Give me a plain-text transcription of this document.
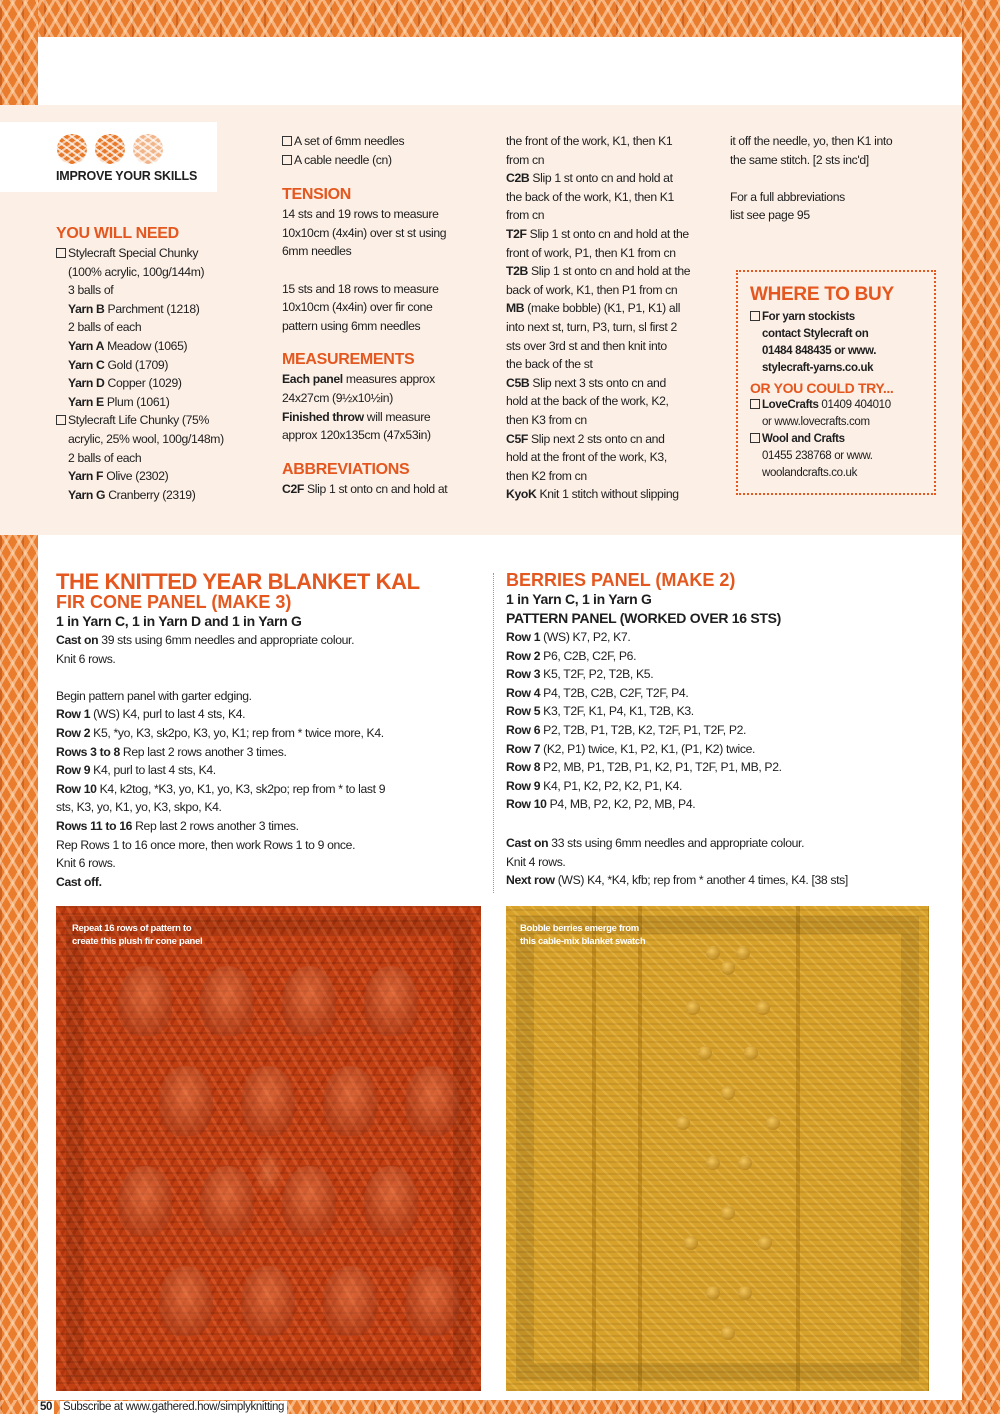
IMPROVE YOUR SKILLS
YOU WILL NEED
Stylecraft Special Chunky
(100% acrylic, 100g/144m)
3 balls of
Yarn B Parchment (1218)
2 balls of each
Yarn A Meadow (1065)
Yarn C Gold (1709)
Yarn D Copper (1029)
Yarn E Plum (1061)
Stylecraft Life Chunky (75%
acrylic, 25% wool, 100g/148m)
2 balls of each
Yarn F Olive (2302)
Yarn G Cranberry (2319)
A set of 6mm needles
A cable needle (cn)
TENSION
14 sts and 19 rows to measure
10x10cm (4x4in) over st st using
6mm needles

15 sts and 18 rows to measure
10x10cm (4x4in) over fir cone
pattern using 6mm needles
MEASUREMENTS
Each panel measures approx
24x27cm (9½x10½in)
Finished throw will measure
approx 120x135cm (47x53in)
ABBREVIATIONS
C2F Slip 1 st onto cn and hold at
the front of the work, K1, then K1
from cn
C2B Slip 1 st onto cn and hold at
the back of the work, K1, then K1
from cn
T2F Slip 1 st onto cn and hold at the
front of work, P1, then K1 from cn
T2B Slip 1 st onto cn and hold at the
back of work, K1, then P1 from cn
MB (make bobble) (K1, P1, K1) all
into next st, turn, P3, turn, sl first 2
sts over 3rd st and then knit into
the back of the st
C5B Slip next 3 sts onto cn and
hold at the back of the work, K2,
then K3 from cn
C5F Slip next 2 sts onto cn and
hold at the front of the work, K3,
then K2 from cn
KyoK Knit 1 stitch without slipping
it off the needle, yo, then K1 into
the same stitch. [2 sts inc'd]

For a full abbreviations
list see page 95
WHERE TO BUY
For yarn stockists
contact Stylecraft on
01484 848435 or www.
stylecraft-yarns.co.uk
OR YOU COULD TRY...
LoveCrafts 01409 404010
or www.lovecrafts.com
Wool and Crafts
01455 238768 or www.
woolandcrafts.co.uk
THE KNITTED YEAR BLANKET KAL
FIR CONE PANEL (MAKE 3)
1 in Yarn C, 1 in Yarn D and 1 in Yarn G
Cast on 39 sts using 6mm needles and appropriate colour.
Knit 6 rows.

Begin pattern panel with garter edging.
Row 1 (WS) K4, purl to last 4 sts, K4.
Row 2 K5, *yo, K3, sk2po, K3, yo, K1; rep from * twice more, K4.
Rows 3 to 8 Rep last 2 rows another 3 times.
Row 9 K4, purl to last 4 sts, K4.
Row 10 K4, k2tog, *K3, yo, K1, yo, K3, sk2po; rep from * to last 9
sts, K3, yo, K1, yo, K3, skpo, K4.
Rows 11 to 16 Rep last 2 rows another 3 times.
Rep Rows 1 to 16 once more, then work Rows 1 to 9 once.
Knit 6 rows.
Cast off.
BERRIES PANEL (MAKE 2)
1 in Yarn C, 1 in Yarn G
PATTERN PANEL (WORKED OVER 16 STS)
Row 1 (WS) K7, P2, K7.
Row 2 P6, C2B, C2F, P6.
Row 3 K5, T2F, P2, T2B, K5.
Row 4 P4, T2B, C2B, C2F, T2F, P4.
Row 5 K3, T2F, K1, P4, K1, T2B, K3.
Row 6 P2, T2B, P1, T2B, K2, T2F, P1, T2F, P2.
Row 7 (K2, P1) twice, K1, P2, K1, (P1, K2) twice.
Row 8 P2, MB, P1, T2B, P1, K2, P1, T2F, P1, MB, P2.
Row 9 K4, P1, K2, P2, K2, P1, K4.
Row 10 P4, MB, P2, K2, P2, MB, P4.
Cast on 33 sts using 6mm needles and appropriate colour.
Knit 4 rows.
Next row (WS) K4, *K4, kfb; rep from * another 4 times, K4. [38 sts]
Repeat 16 rows of pattern to
create this plush fir cone panel
Bobble berries emerge from
this cable-mix blanket swatch
50 Subscribe at www.gathered.how/simplyknitting
